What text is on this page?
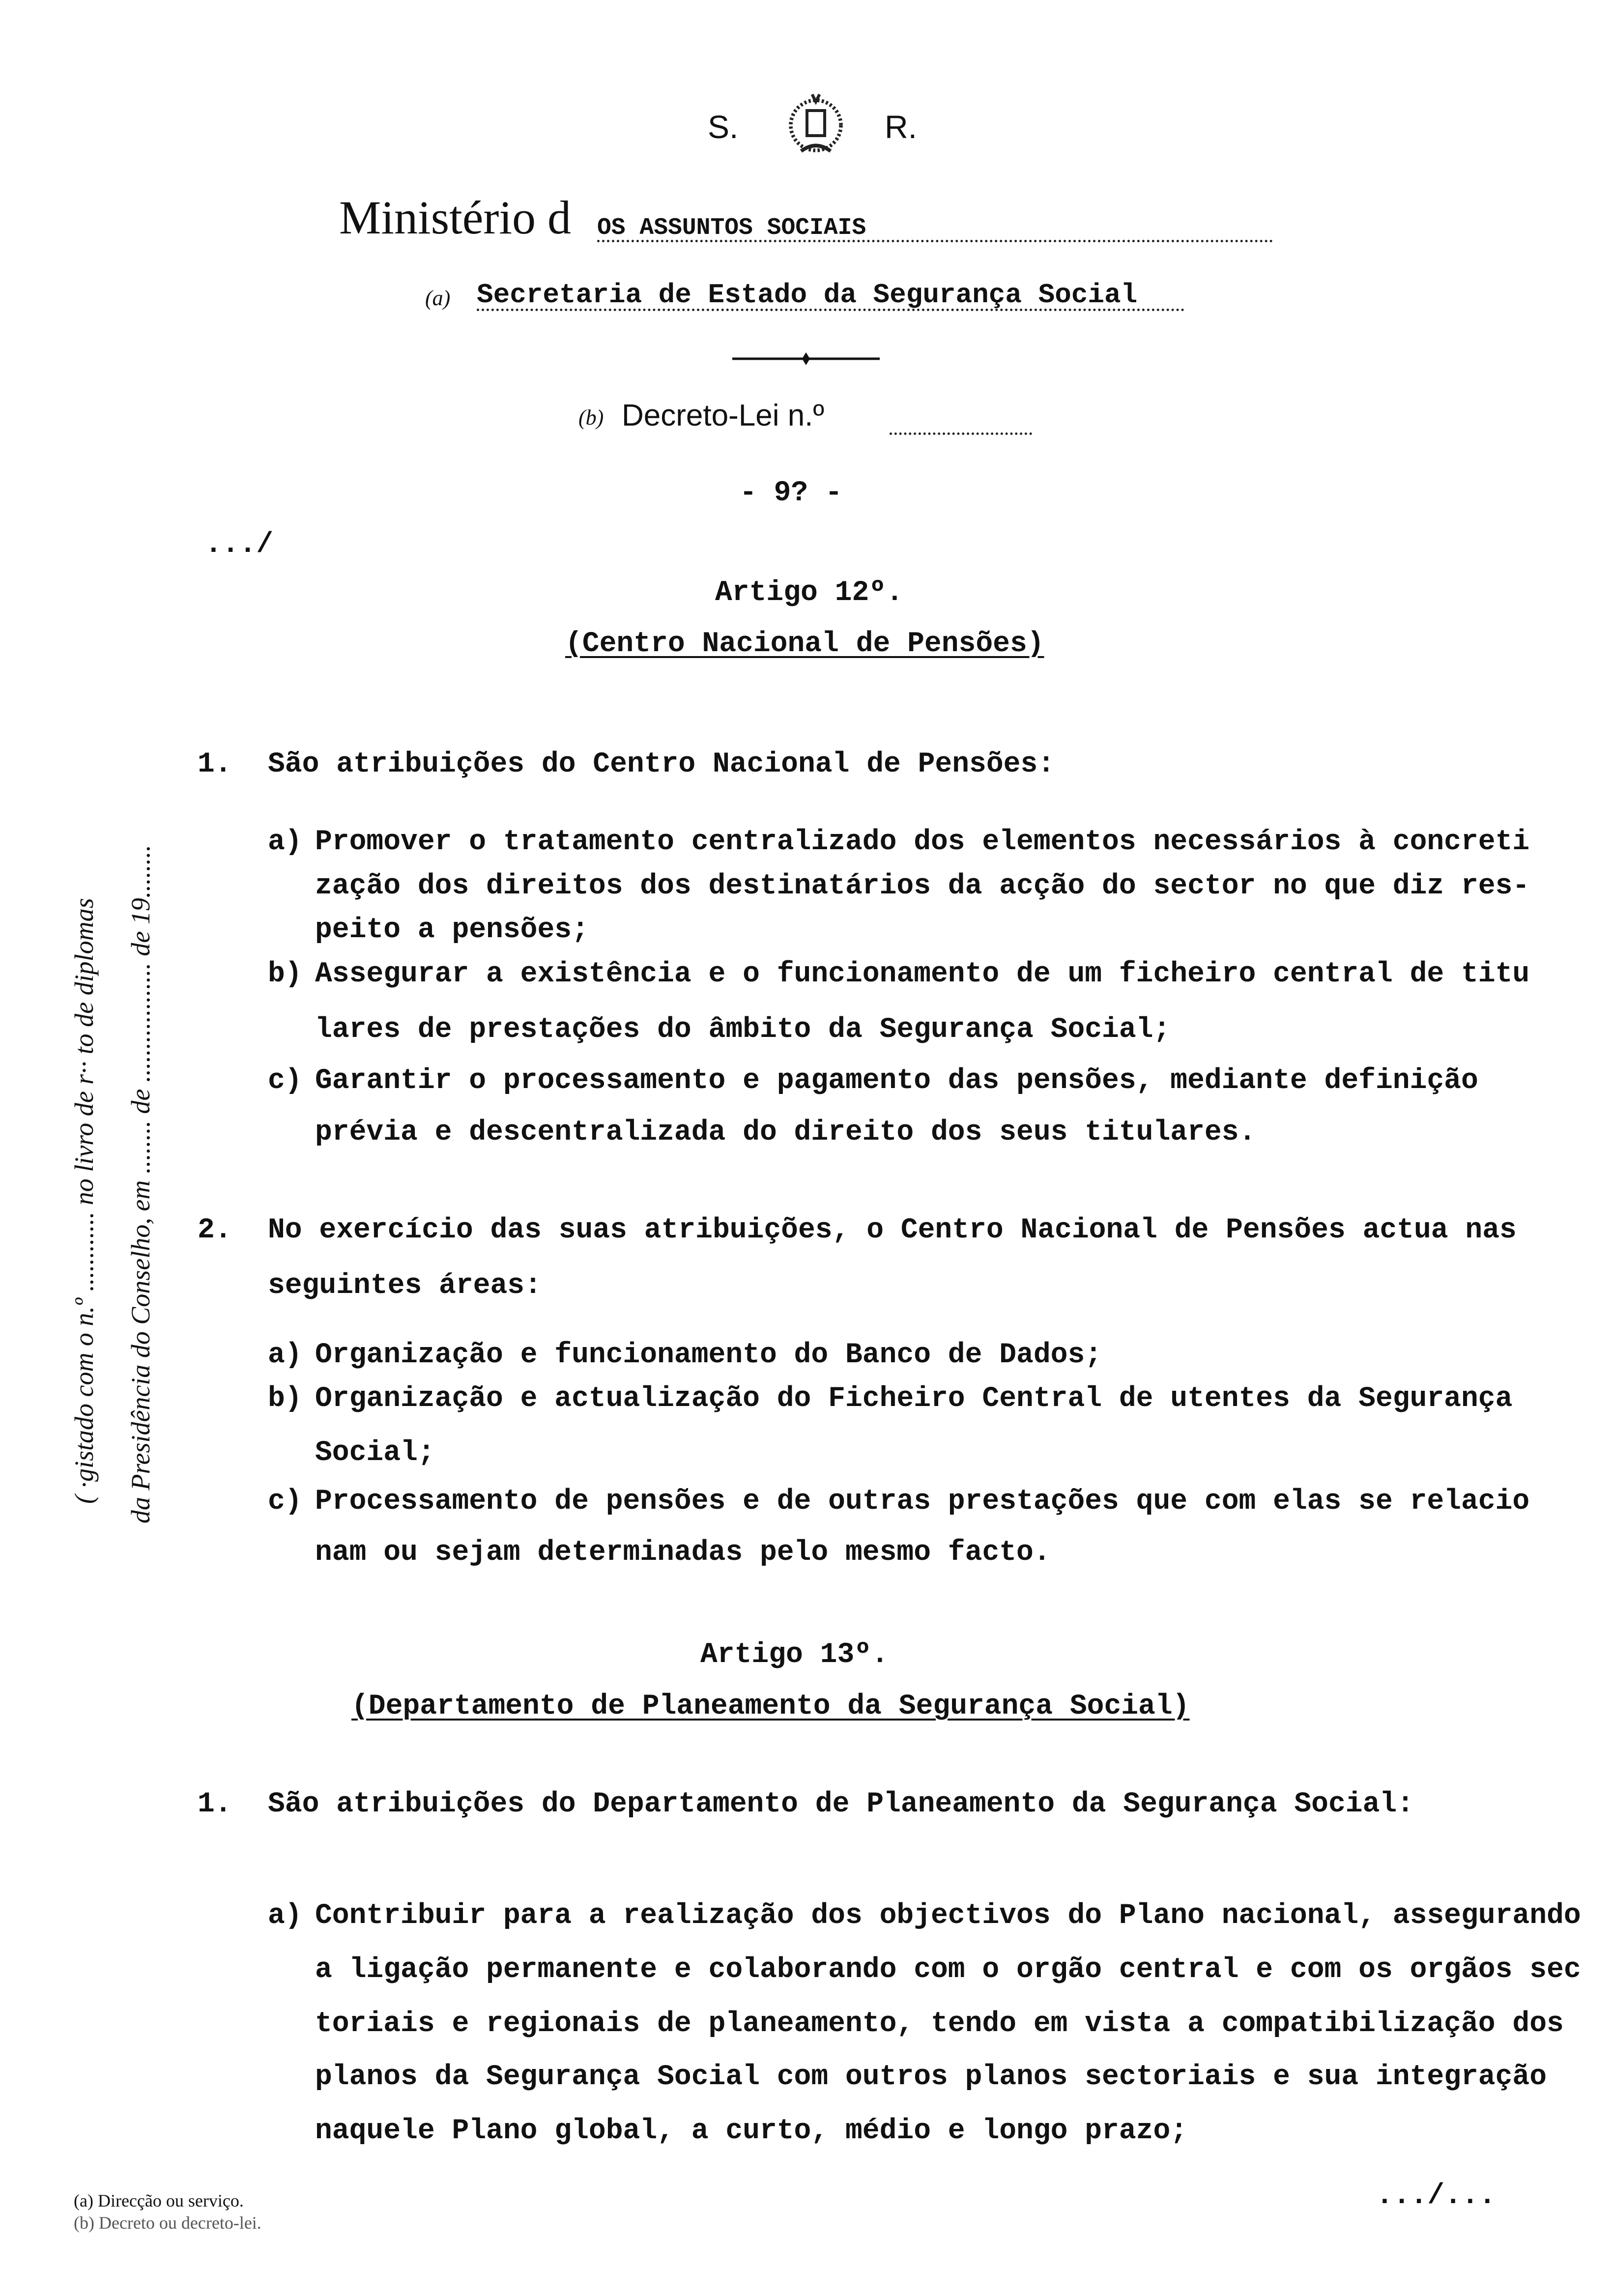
S.	R.
Ministério d OS ASSUNTOS SOCIAIS
(a) Secretaria de Estado da Segurança Social
(b) Decreto-Lei n.º
- 9? -
( ·gistado com o n.º ............ no livro de r·· to de diplomas da Presidência do Conselho, em ........ de .................. de 19........
.../
Artigo 12º.
(Centro Nacional de Pensões)
1. São atribuições do Centro Nacional de Pensões:
a) Promover o tratamento centralizado dos elementos necessários à concreti
zação dos direitos dos destinatários da acção do sector no que diz res-
peito a pensões;
b) Assegurar a existência e o funcionamento de um ficheiro central de titu
lares de prestações do âmbito da Segurança Social;
c) Garantir o processamento e pagamento das pensões, mediante definição
prévia e descentralizada do direito dos seus titulares.
2. No exercício das suas atribuições, o Centro Nacional de Pensões actua nas
seguintes áreas:
a) Organização e funcionamento do Banco de Dados;
b) Organização e actualização do Ficheiro Central de utentes da Segurança
Social;
c) Processamento de pensões e de outras prestações que com elas se relacio
nam ou sejam determinadas pelo mesmo facto.
Artigo 13º.
(Departamento de Planeamento da Segurança Social)
1. São atribuições do Departamento de Planeamento da Segurança Social:
a) Contribuir para a realização dos objectivos do Plano nacional, assegurando
a ligação permanente e colaborando com o orgão central e com os orgãos sec
toriais e regionais de planeamento, tendo em vista a compatibilização dos
planos da Segurança Social com outros planos sectoriais e sua integração
naquele Plano global, a curto, médio e longo prazo;
(a) Direcção ou serviço.
(b) Decreto ou decreto-lei.
.../...
